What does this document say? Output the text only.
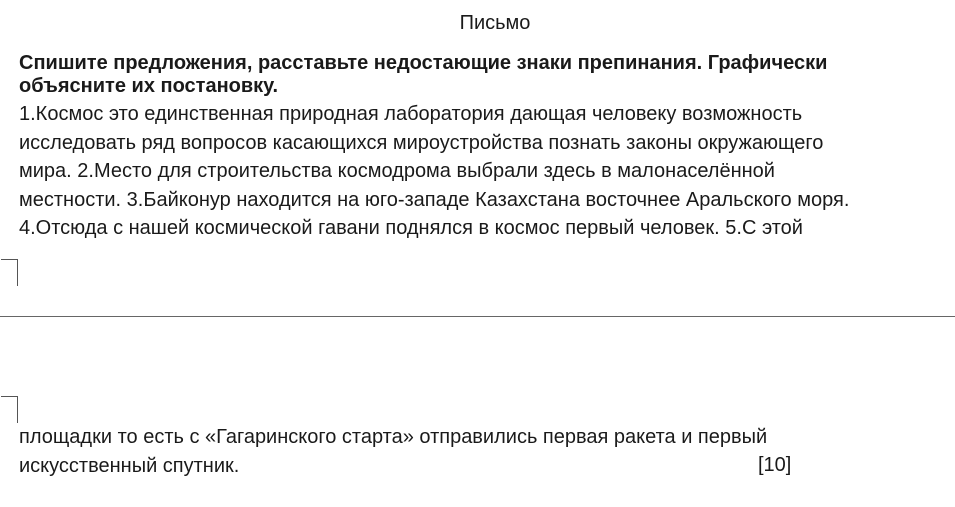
Письмо
Спишите предложения, расставьте недостающие знаки препинания. Графически
объясните их постановку.
1.Космос это единственная природная лаборатория дающая человеку возможность
исследовать ряд вопросов касающихся мироустройства познать законы окружающего
мира. 2.Место для строительства космодрома выбрали здесь в малонаселённой
местности. 3.Байконур находится на юго-западе Казахстана восточнее Аральского моря.
4.Отсюда с нашей космической гавани поднялся в космос первый человек. 5.С этой
площадки то есть с «Гагаринского старта» отправились первая ракета и первый
искусственный спутник.	[10]
